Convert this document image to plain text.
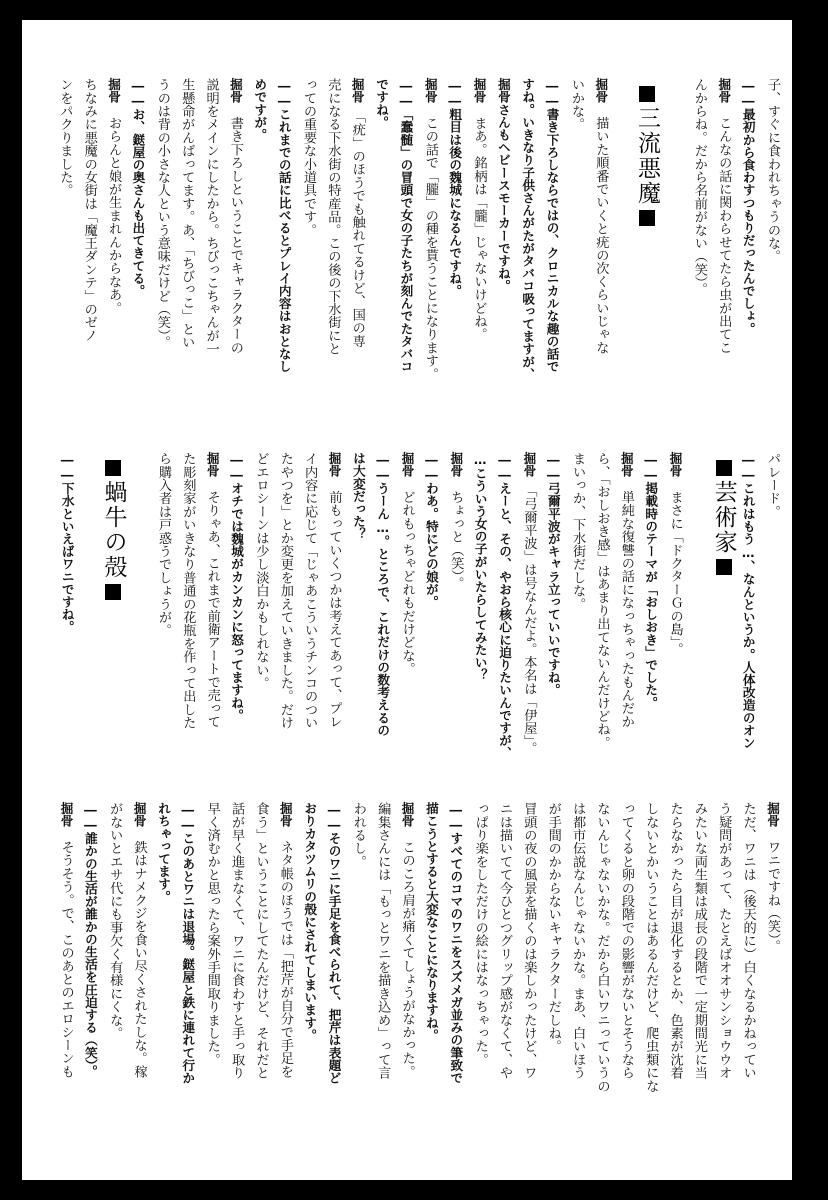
子、すぐに食われちゃうのな。
――最初から食わすつもりだったんでしょ。
掘骨　こんなの話に関わらせてたら虫が出てこ
んからね。だから名前がない（笑）。
三流悪魔
掘骨　描いた順番でいくと疣の次くらいじゃな
いかな。
――書き下ろしならではの、クロニカルな趣の話で
すね。いきなり子供さんがたがタバコ吸ってますが、
掘骨さんもヘビースモーカーですね。
掘骨　まあ。銘柄は「朧」じゃないけどね。
――粗目は後の魏城になるんですね。
掘骨　この話で「朧」の種を貰うことになります。
――「蠢髄」の冒頭で女の子たちが刻んでたタバコ
ですね。
掘骨　「疣」のほうでも触れてるけど、国の専
売になる下水街の特産品。この後の下水街にと
っての重要な小道具です。
――これまでの話に比べるとプレイ内容はおとなし
めですが。
掘骨　書き下ろしということでキャラクターの
説明をメインにしたから。ちびっこちゃんが一
生懸命がんばってます。あ、「ちびっこ」とい
うのは背の小さな人という意味だけど（笑）。
――お、鎹屋の奥さんも出てきてる。
掘骨　おらんと娘が生まれんからなあ。
ちなみに悪魔の女街は「魔王ダンテ」のゼノ
ンをパクりました。
パレード。
芸術家
――これはもう…、なんというか。人体改造のオン
掘骨　まさに「ドクターＧの島」。
――掲載時のテーマが「おしおき」でした。
掘骨　単純な復讐の話になっちゃったもんだか
ら、「おしおき感」はあまり出てないんだけどね。
まいっか、下水街だしな。
――弓爾平波がキャラ立っていいですね。
掘骨　「弓爾平波」は号なんだよ。本名は「伊屋」。
――えーと、その、やおら核心に迫りたいんですが、
…こういう女の子がいたらしてみたい？
掘骨　ちょっと（笑）。
――わあ。特にどの娘が。
掘骨　どれもっちゃどれもだけどな。
――うーん…。ところで、これだけの数考えるの
は大変だった？
掘骨　前もっていくつかは考えてあって、プレ
イ内容に応じて「じゃあこういうチンコのつい
たやつを」とか変更を加えていきました。だけ
どエロシーンは少し淡白かもしれない。
――オチでは魏城がカンカンに怒ってますね。
掘骨　そりゃあ、これまで前衛アートで売って
た彫刻家がいきなり普通の花瓶を作って出した
ら購入者は戸惑うでしょうが。
蝸牛の殻
――下水といえばワニですね。
掘骨　ワニですね（笑）。
ただ、ワニは（後天的に）白くなるかねってい
う疑問があって、たとえばオオサンショウウオ
みたいな両生類は成長の段階で一定期間光に当
たらなかったら目が退化するとか、色素が沈着
しないとかいうことはあるんだけど、爬虫類にな
ってくると卵の段階での影響がないとそうなら
ないんじゃないかな。だから白いワニっていうの
は都市伝説なんじゃないかな。まあ、白いほう
が手間のかからないキャラクターだしね。
冒頭の夜の風景を描くのは楽しかったけど、ワ
ニは描いてて今ひとつグリップ感がなくて、や
っぱり楽をしただけの絵にはなっちゃった。
――すべてのコマのワニをスズメガ並みの筆致で
描こうとすると大変なことになりますね。
掘骨　このころ肩が痛くてしょうがなかった。
編集さんには「もっとワニを描き込め」って言
われるし。
――そのワニに手足を食べられて、把芹は表題ど
おりカタツムリの殻にされてしまいます。
掘骨　ネタ帳のほうでは「把芹が自分で手足を
食う」ということにしてたんだけど、それだと
話が早く進まなくて、ワニに食わすと手っ取り
早く済むかと思ったら案外手間取りました。
――このあとワニは退場。鎹屋と鉄に連れて行か
れちゃってます。
掘骨　鉄はナメクジを食い尽くされたしな。稼
がないとエサ代にも事欠く有様にくな。
――誰かの生活が誰かの生活を圧迫する（笑）。
掘骨　そうそう。で、このあとのエロシーンも
